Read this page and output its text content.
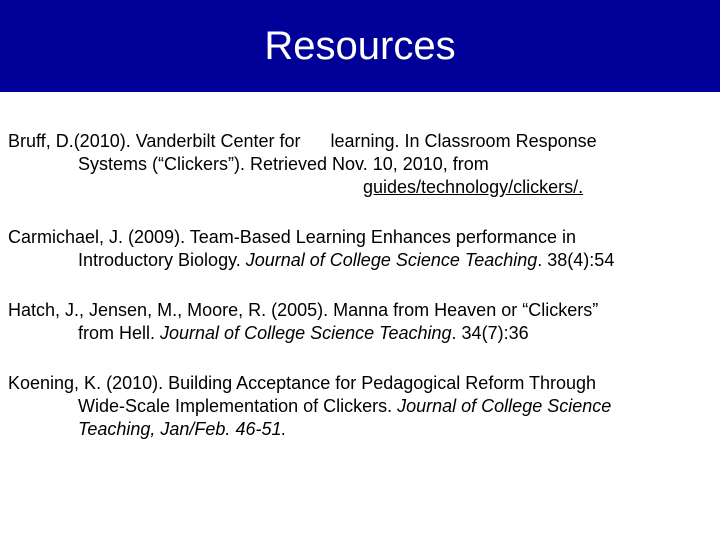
Resources
Bruff, D.(2010). Vanderbilt Center for learning. In Classroom Response
Systems (“Clickers”). Retrieved Nov. 10, 2010, from
guides/technology/clickers/.
Carmichael, J. (2009). Team-Based Learning Enhances performance in
Introductory Biology. Journal of College Science Teaching. 38(4):54
Hatch, J., Jensen, M., Moore, R. (2005). Manna from Heaven or “Clickers”
from Hell. Journal of College Science Teaching. 34(7):36
Koening, K. (2010). Building Acceptance for Pedagogical Reform Through
Wide-Scale Implementation of Clickers. Journal of College Science
Teaching, Jan/Feb. 46-51.
